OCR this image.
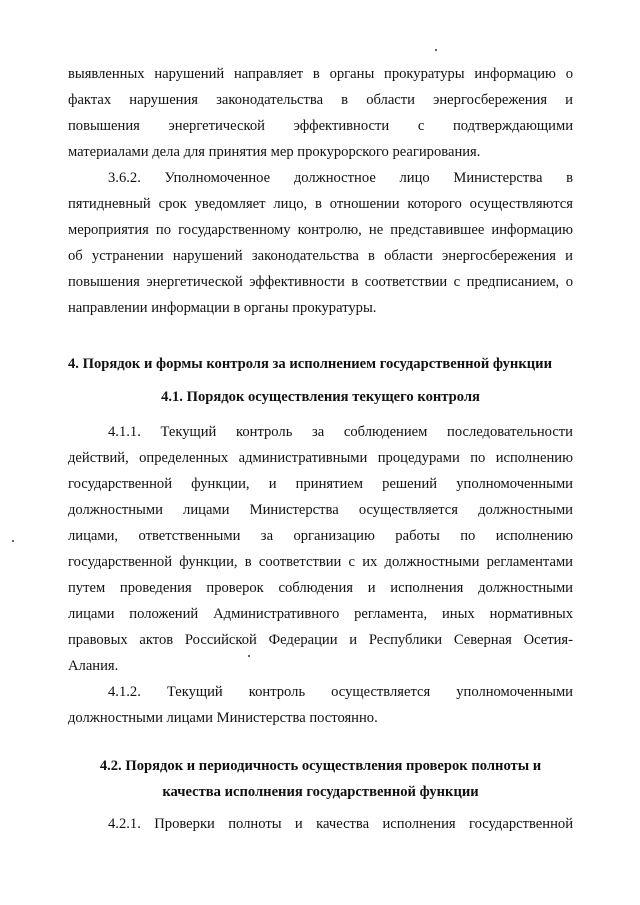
выявленных нарушений направляет в органы прокуратуры информацию о
фактах нарушения законодательства в области энергосбережения и
повышения энергетической эффективности с подтверждающими
материалами дела для принятия мер прокурорского реагирования.
3.6.2. Уполномоченное должностное лицо Министерства в
пятидневный срок уведомляет лицо, в отношении которого осуществляются
мероприятия по государственному контролю, не представившее информацию
об устранении нарушений законодательства в области энергосбережения и
повышения энергетической эффективности в соответствии с предписанием, о
направлении информации в органы прокуратуры.
4. Порядок и формы контроля за исполнением государственной функции
4.1. Порядок осуществления текущего контроля
4.1.1. Текущий контроль за соблюдением последовательности
действий, определенных административными процедурами по исполнению
государственной функции, и принятием решений уполномоченными
должностными лицами Министерства осуществляется должностными
лицами, ответственными за организацию работы по исполнению
государственной функции, в соответствии с их должностными регламентами
путем проведения проверок соблюдения и исполнения должностными
лицами положений Административного регламента, иных нормативных
правовых актов Российской Федерации и Республики Северная Осетия-
Алания.
4.1.2. Текущий контроль осуществляется уполномоченными
должностными лицами Министерства постоянно.
4.2. Порядок и периодичность осуществления проверок полноты и
качества исполнения государственной функции
4.2.1. Проверки полноты и качества исполнения государственной
